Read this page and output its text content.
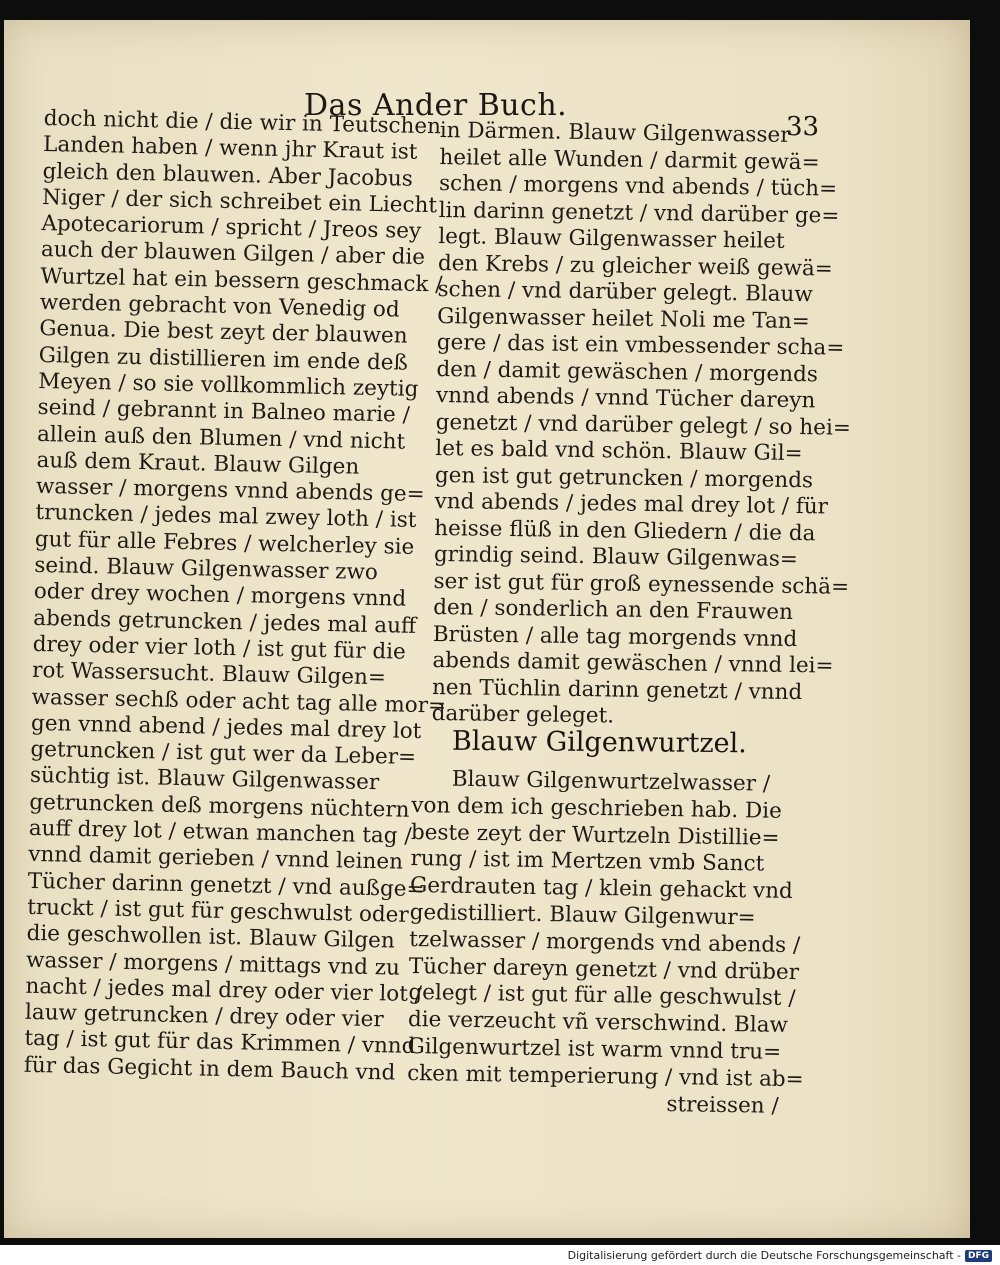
Das Ander Buch.
33
doch nicht die / die wir in Teutschen
Landen haben / wenn jhr Kraut ist
gleich den blauwen. Aber Jacobus
Niger / der sich schreibet ein Liecht
Apotecariorum / spricht / Jreos sey
auch der blauwen Gilgen / aber die
Wurtzel hat ein bessern geschmack /
werden gebracht von Venedig od
Genua. Die best zeyt der blauwen
Gilgen zu distillieren im ende deß
Meyen / so sie vollkommlich zeytig
seind / gebrannt in Balneo marie /
allein auß den Blumen / vnd nicht
auß dem Kraut. Blauw Gilgen
wasser / morgens vnnd abends ge=
truncken / jedes mal zwey loth / ist
gut für alle Febres / welcherley sie
seind. Blauw Gilgenwasser zwo
oder drey wochen / morgens vnnd
abends getruncken / jedes mal auff
drey oder vier loth / ist gut für die
rot Wassersucht. Blauw Gilgen=
wasser sechß oder acht tag alle mor=
gen vnnd abend / jedes mal drey lot
getruncken / ist gut wer da Leber=
süchtig ist. Blauw Gilgenwasser
getruncken deß morgens nüchtern
auff drey lot / etwan manchen tag /
vnnd damit gerieben / vnnd leinen
Tücher darinn genetzt / vnd außge=
truckt / ist gut für geschwulst oder
die geschwollen ist. Blauw Gilgen
wasser / morgens / mittags vnd zu
nacht / jedes mal drey oder vier lot /
lauw getruncken / drey oder vier
tag / ist gut für das Krimmen / vnnd
für das Gegicht in dem Bauch vnd
in Därmen. Blauw Gilgenwasser
heilet alle Wunden / darmit gewä=
schen / morgens vnd abends / tüch=
lin darinn genetzt / vnd darüber ge=
legt. Blauw Gilgenwasser heilet
den Krebs / zu gleicher weiß gewä=
schen / vnd darüber gelegt. Blauw
Gilgenwasser heilet Noli me Tan=
gere / das ist ein vmbessender scha=
den / damit gewäschen / morgends
vnnd abends / vnnd Tücher dareyn
genetzt / vnd darüber gelegt / so hei=
let es bald vnd schön. Blauw Gil=
gen ist gut getruncken / morgends
vnd abends / jedes mal drey lot / für
heisse flüß in den Gliedern / die da
grindig seind. Blauw Gilgenwas=
ser ist gut für groß eynessende schä=
den / sonderlich an den Frauwen
Brüsten / alle tag morgends vnnd
abends damit gewäschen / vnnd lei=
nen Tüchlin darinn genetzt / vnnd
darüber geleget.
Blauw Gilgenwurtzel.
Blauw Gilgenwurtzelwasser /
von dem ich geschrieben hab. Die
beste zeyt der Wurtzeln Distillie=
rung / ist im Mertzen vmb Sanct
Gerdrauten tag / klein gehackt vnd
gedistilliert. Blauw Gilgenwur=
tzelwasser / morgends vnd abends /
Tücher dareyn genetzt / vnd drüber
gelegt / ist gut für alle geschwulst /
die verzeucht vñ verschwind. Blaw
Gilgenwurtzel ist warm vnnd tru=
cken mit temperierung / vnd ist ab=
streissen /
Digitalisierung gefördert durch die Deutsche Forschungsgemeinschaft - DFG
